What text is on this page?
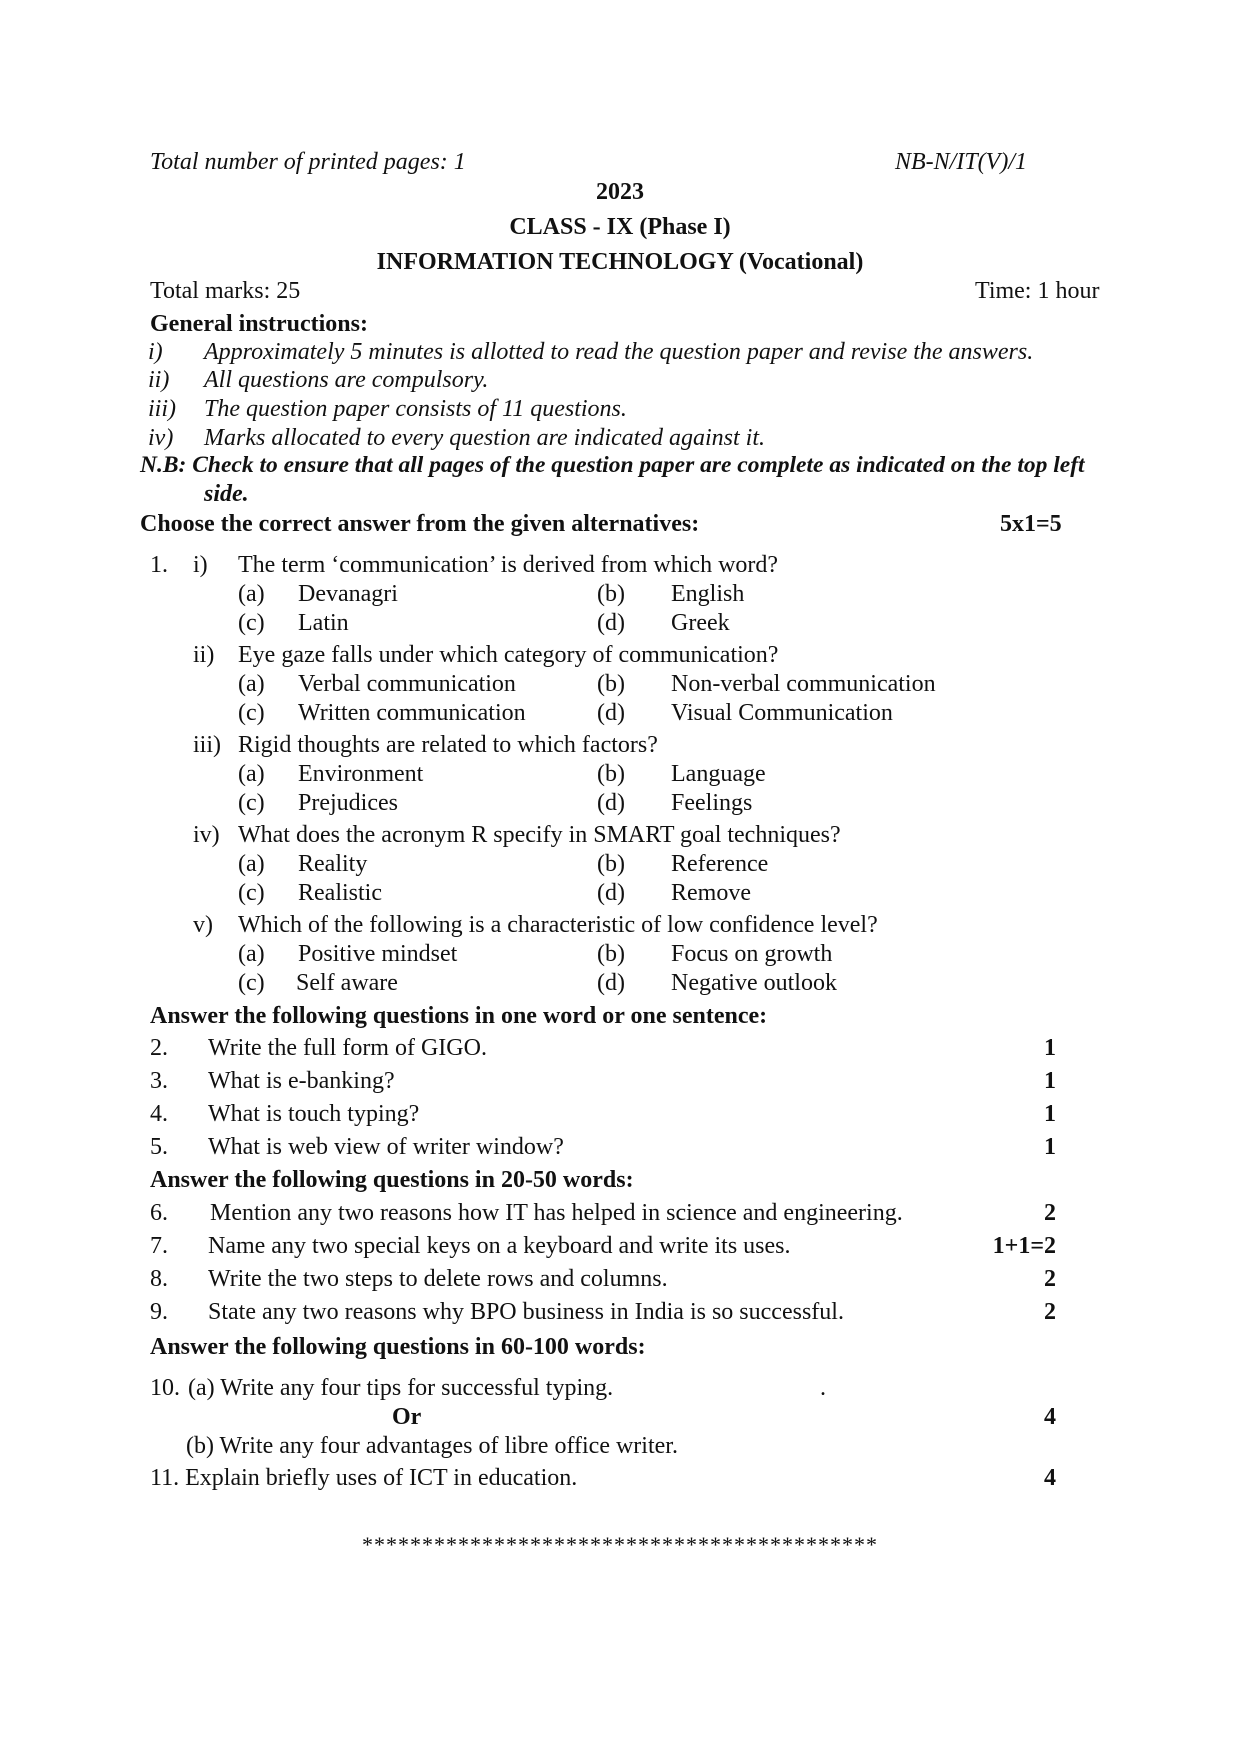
Total number of printed pages: 1	NB-N/IT(V)/1
2023
CLASS - IX (Phase I)
INFORMATION TECHNOLOGY (Vocational)
Total marks: 25	Time: 1 hour
General instructions:
i) Approximately 5 minutes is allotted to read the question paper and revise the answers.
ii) All questions are compulsory.
iii) The question paper consists of 11 questions.
iv) Marks allocated to every question are indicated against it.
N.B: Check to ensure that all pages of the question paper are complete as indicated on the top left
side.
Choose the correct answer from the given alternatives:	5x1=5
1. i) The term ‘communication’ is derived from which word?
(a) Devanagri	(b) English
(c) Latin	(d) Greek
ii) Eye gaze falls under which category of communication?
(a) Verbal communication	(b) Non-verbal communication
(c) Written communication	(d) Visual Communication
iii) Rigid thoughts are related to which factors?
(a) Environment	(b) Language
(c) Prejudices	(d) Feelings
iv) What does the acronym R specify in SMART goal techniques?
(a) Reality	(b) Reference
(c) Realistic	(d) Remove
v) Which of the following is a characteristic of low confidence level?
(a) Positive mindset	(b) Focus on growth
(c) Self aware	(d) Negative outlook
Answer the following questions in one word or one sentence:
2. Write the full form of GIGO.	1
3. What is e-banking?	1
4. What is touch typing?	1
5. What is web view of writer window?	1
Answer the following questions in 20-50 words:
6. Mention any two reasons how IT has helped in science and engineering.	2
7. Name any two special keys on a keyboard and write its uses.	1+1=2
8. Write the two steps to delete rows and columns.	2
9. State any two reasons why BPO business in India is so successful.	2
Answer the following questions in 60-100 words:
10. (a) Write any four tips for successful typing.	.
Or	4
(b) Write any four advantages of libre office writer.
11. Explain briefly uses of ICT in education.	4
*******************************************
